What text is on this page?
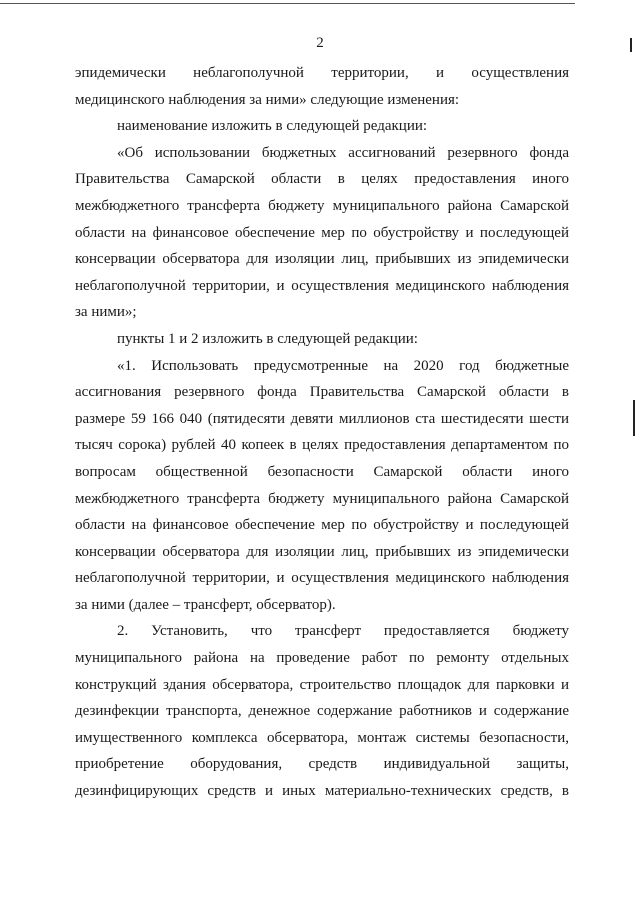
2
эпидемически неблагополучной территории, и осуществления
медицинского наблюдения за ними» следующие изменения:
наименование изложить в следующей редакции:
«Об использовании бюджетных ассигнований резервного фонда
Правительства Самарской области в целях предоставления иного
межбюджетного трансферта бюджету муниципального района Самарской
области на финансовое обеспечение мер по обустройству и последующей
консервации обсерватора для изоляции лиц, прибывших из эпидемически
неблагополучной территории, и осуществления медицинского наблюдения
за ними»;
пункты 1 и 2 изложить в следующей редакции:
«1. Использовать предусмотренные на 2020 год бюджетные
ассигнования резервного фонда Правительства Самарской области в
размере 59 166 040 (пятидесяти девяти миллионов ста шестидесяти шести
тысяч сорока) рублей 40 копеек в целях предоставления департаментом по
вопросам общественной безопасности Самарской области иного
межбюджетного трансферта бюджету муниципального района Самарской
области на финансовое обеспечение мер по обустройству и последующей
консервации обсерватора для изоляции лиц, прибывших из эпидемически
неблагополучной территории, и осуществления медицинского наблюдения
за ними (далее – трансферт, обсерватор).
2. Установить, что трансферт предоставляется бюджету
муниципального района на проведение работ по ремонту отдельных
конструкций здания обсерватора, строительство площадок для парковки и
дезинфекции транспорта, денежное содержание работников и содержание
имущественного комплекса обсерватора, монтаж системы безопасности,
приобретение оборудования, средств индивидуальной защиты,
дезинфицирующих средств и иных материально-технических средств, в
